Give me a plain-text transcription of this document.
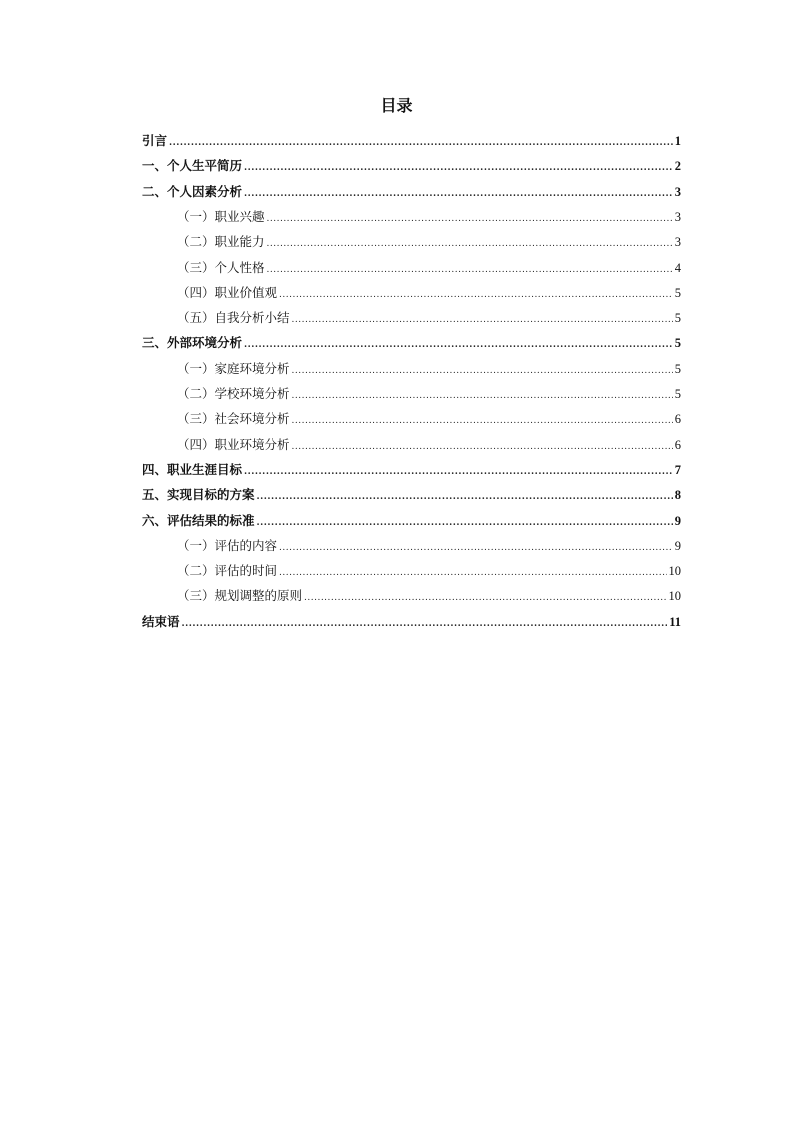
目录
引言 .....	1
一、个人生平简历 .....	2
二、个人因素分析 .....	3
（一）职业兴趣 .....	3
（二）职业能力 .....	3
（三）个人性格 .....	4
（四）职业价值观 .....	5
（五）自我分析小结 .....	5
三、外部环境分析 .....	5
（一）家庭环境分析 .....	5
（二）学校环境分析 .....	5
（三）社会环境分析 .....	6
（四）职业环境分析 .....	6
四、职业生涯目标 .....	7
五、实现目标的方案 .....	8
六、评估结果的标准 .....	9
（一）评估的内容 .....	9
（二）评估的时间 .....	10
（三）规划调整的原则 .....	10
结束语 .....	11
